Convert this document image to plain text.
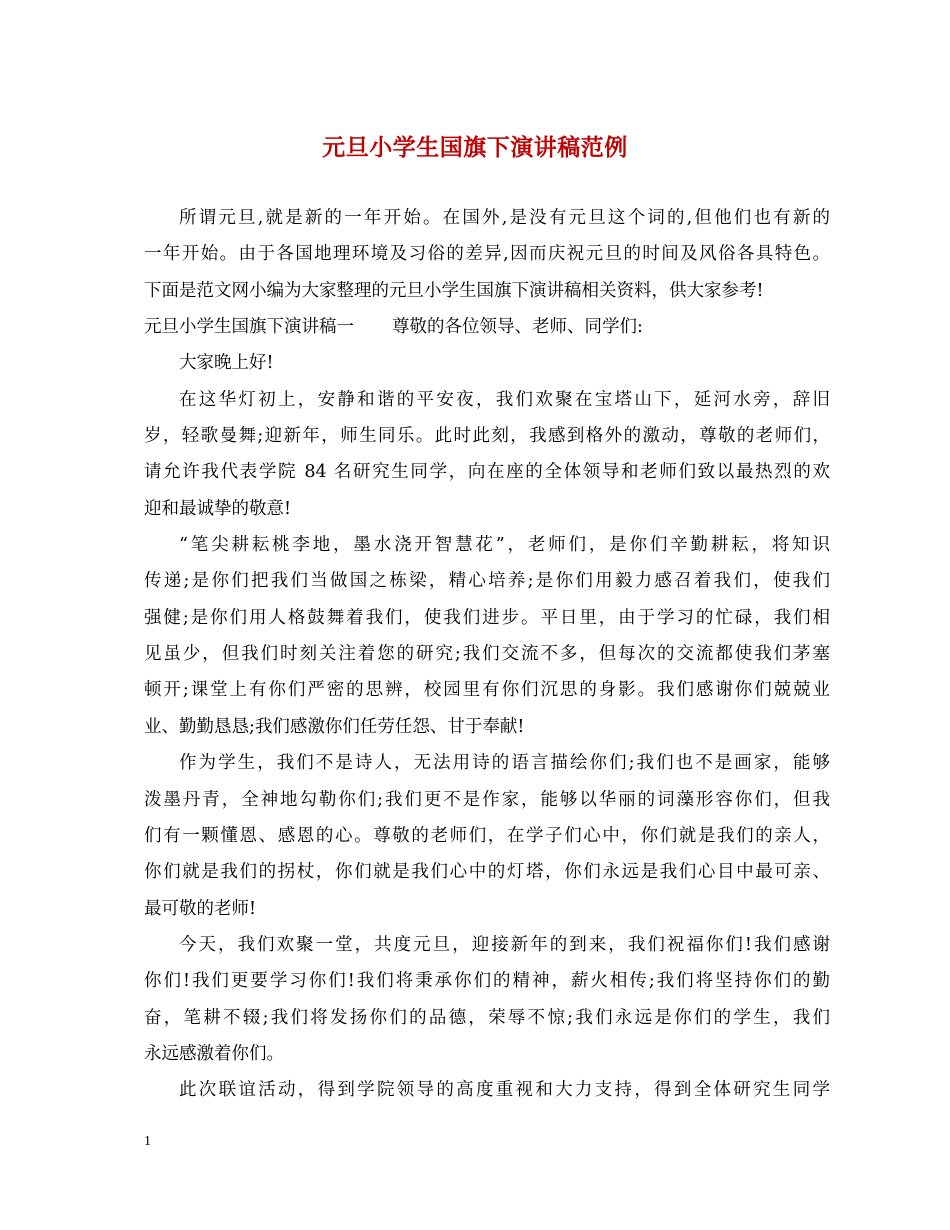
元旦小学生国旗下演讲稿范例
所谓元旦,就是新的一年开始。在国外,是没有元旦这个词的,但他们也有新的
一年开始。由于各国地理环境及习俗的差异,因而庆祝元旦的时间及风俗各具特色。
下面是范文网小编为大家整理的元旦小学生国旗下演讲稿相关资料，供大家参考!
元旦小学生国旗下演讲稿一 尊敬的各位领导、老师、同学们:
大家晚上好!
在这华灯初上，安静和谐的平安夜，我们欢聚在宝塔山下，延河水旁，辞旧
岁，轻歌曼舞;迎新年，师生同乐。此时此刻，我感到格外的激动，尊敬的老师们，
请允许我代表学院 84 名研究生同学，向在座的全体领导和老师们致以最热烈的欢
迎和最诚挚的敬意!
“笔尖耕耘桃李地，墨水浇开智慧花”，老师们，是你们辛勤耕耘，将知识
传递;是你们把我们当做国之栋梁，精心培养;是你们用毅力感召着我们，使我们
强健;是你们用人格鼓舞着我们，使我们进步。平日里，由于学习的忙碌，我们相
见虽少，但我们时刻关注着您的研究;我们交流不多，但每次的交流都使我们茅塞
顿开;课堂上有你们严密的思辨，校园里有你们沉思的身影。我们感谢你们兢兢业
业、勤勤恳恳;我们感激你们任劳任怨、甘于奉献!
作为学生，我们不是诗人，无法用诗的语言描绘你们;我们也不是画家，能够
泼墨丹青，全神地勾勒你们;我们更不是作家，能够以华丽的词藻形容你们，但我
们有一颗懂恩、感恩的心。尊敬的老师们，在学子们心中，你们就是我们的亲人，
你们就是我们的拐杖，你们就是我们心中的灯塔，你们永远是我们心目中最可亲、
最可敬的老师!
今天，我们欢聚一堂，共度元旦，迎接新年的到来，我们祝福你们!我们感谢
你们!我们更要学习你们!我们将秉承你们的精神，薪火相传;我们将坚持你们的勤
奋，笔耕不辍;我们将发扬你们的品德，荣辱不惊;我们永远是你们的学生，我们
永远感激着你们。
此次联谊活动，得到学院领导的高度重视和大力支持，得到全体研究生同学
1
